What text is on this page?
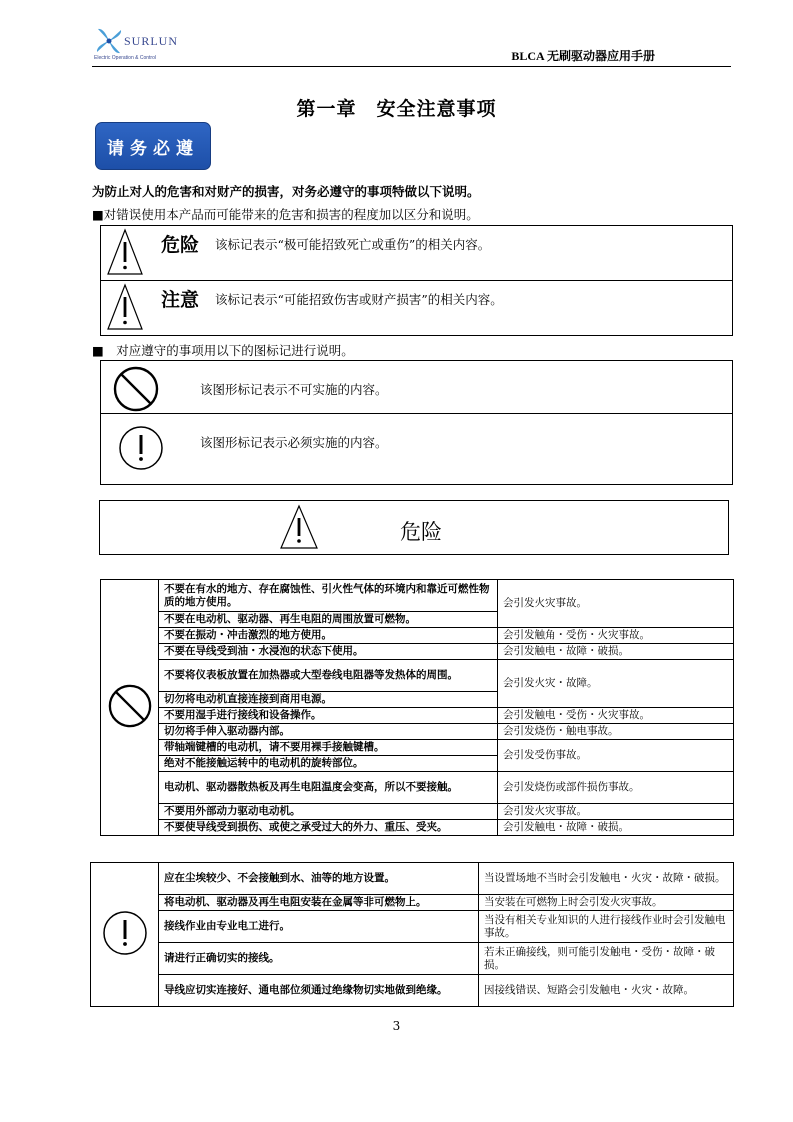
SURLUN
Electric Operation & Control	BLCA 无刷驱动器应用手册
第一章　安全注意事项
请务必遵
为防止对人的危害和对财产的损害，对务必遵守的事项特做以下说明。
■对错误使用本产品而可能带来的危害和损害的程度加以区分和说明。
危险 该标记表示“极可能招致死亡或重伤”的相关内容。
注意 该标记表示“可能招致伤害或财产损害”的相关内容。
■　对应遵守的事项用以下的图标记进行说明。
该图形标记表示不可实施的内容。
该图形标记表示必须实施的内容。
危险
	不要在有水的地方、存在腐蚀性、引火性气体的环境内和靠近可燃性物质的地方使用。	会引发火灾事故。
	不要在电动机、驱动器、再生电阻的周围放置可燃物。	
	不要在振动・冲击激烈的地方使用。	会引发触角・受伤・火灾事故。
	不要在导线受到油・水浸泡的状态下使用。	会引发触电・故障・破损。
	不要将仪表板放置在加热器或大型卷线电阻器等发热体的周围。	会引发火灾・故障。
	切勿将电动机直接连接到商用电源。	
	不要用湿手进行接线和设备操作。	会引发触电・受伤・火灾事故。
	切勿将手伸入驱动器内部。	会引发烧伤・触电事故。
	带轴端键槽的电动机，请不要用裸手接触键槽。	会引发受伤事故。
	绝对不能接触运转中的电动机的旋转部位。	
	电动机、驱动器散热板及再生电阻温度会变高，所以不要接触。	会引发烧伤或部件损伤事故。
	不要用外部动力驱动电动机。	会引发火灾事故。
	不要使导线受到损伤、或使之承受过大的外力、重压、受夹。	会引发触电・故障・破损。
	应在尘埃较少、不会接触到水、油等的地方设置。	当设置场地不当时会引发触电・火灾・故障・破损。
	将电动机、驱动器及再生电阻安装在金属等非可燃物上。	当安装在可燃物上时会引发火灾事故。
	接线作业由专业电工进行。	当没有相关专业知识的人进行接线作业时会引发触电事故。
	请进行正确切实的接线。	若未正确接线，则可能引发触电・受伤・故障・破损。
	导线应切实连接好、通电部位须通过绝缘物切实地做到绝缘。	因接线错误、短路会引发触电・火灾・故障。
3
